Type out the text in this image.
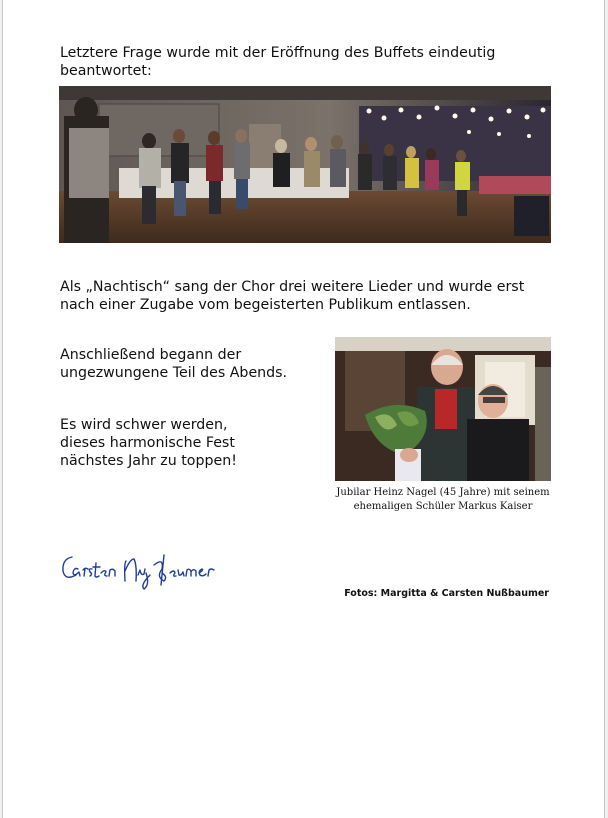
Letztere Frage wurde mit der Eröffnung des Buffets eindeutig beantwortet:

Als „Nachtisch“ sang der Chor drei weitere Lieder und wurde erst nach einer Zugabe vom begeisterten Publikum entlassen.

Anschließend begann der ungezwungene Teil des Abends.

Es wird schwer werden, dieses harmonische Fest nächstes Jahr zu toppen!

Jubilar Heinz Nagel (45 Jahre) mit seinem
ehemaligen Schüler Markus Kaiser
Fotos: Margitta & Carsten Nußbaumer
